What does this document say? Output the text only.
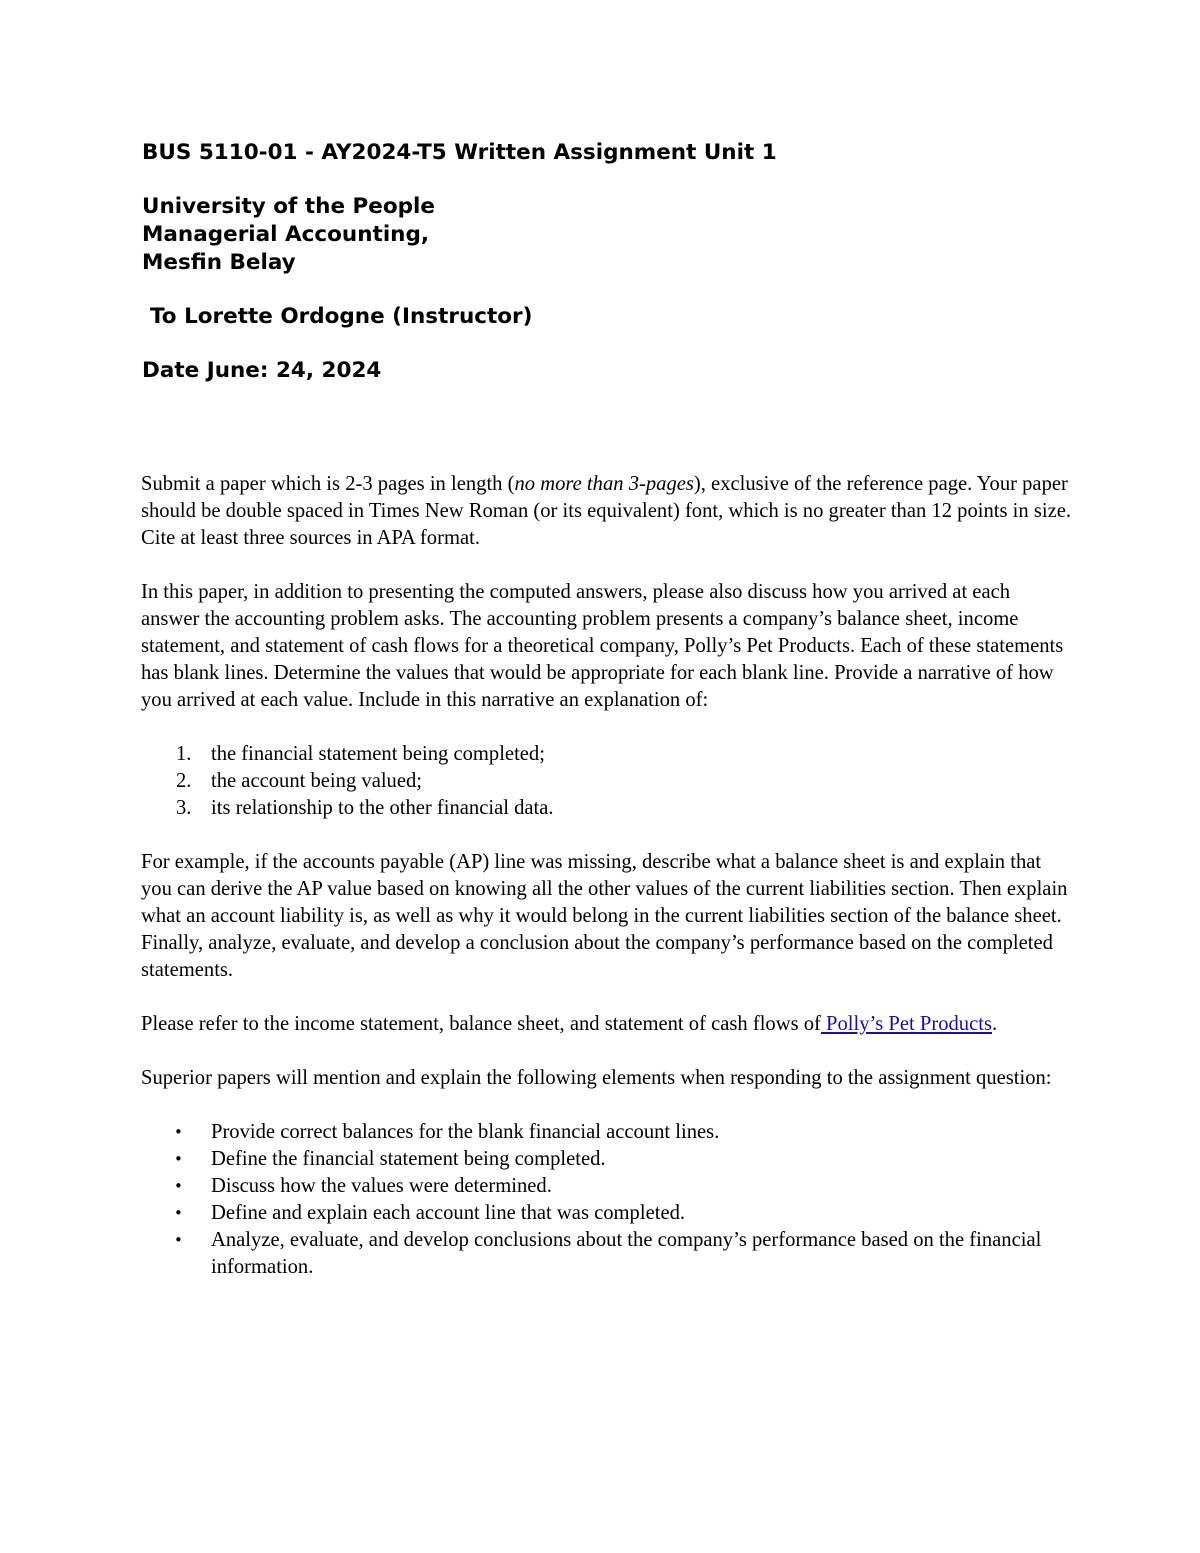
BUS 5110-01 - AY2024-T5 Written Assignment Unit 1
University of the People
Managerial Accounting,
Mesfin Belay
To Lorette Ordogne (Instructor)
Date June: 24, 2024

Submit a paper which is 2-3 pages in length (no more than 3-pages), exclusive of the reference page. Your paper should be double spaced in Times New Roman (or its equivalent) font, which is no greater than 12 points in size. Cite at least three sources in APA format.

In this paper, in addition to presenting the computed answers, please also discuss how you arrived at each answer the accounting problem asks. The accounting problem presents a company’s balance sheet, income statement, and statement of cash flows for a theoretical company, Polly’s Pet Products. Each of these statements has blank lines. Determine the values that would be appropriate for each blank line. Provide a narrative of how you arrived at each value. Include in this narrative an explanation of:

1. the financial statement being completed;
2. the account being valued;
3. its relationship to the other financial data.

For example, if the accounts payable (AP) line was missing, describe what a balance sheet is and explain that you can derive the AP value based on knowing all the other values of the current liabilities section. Then explain what an account liability is, as well as why it would belong in the current liabilities section of the balance sheet. Finally, analyze, evaluate, and develop a conclusion about the company’s performance based on the completed statements.

Please refer to the income statement, balance sheet, and statement of cash flows of Polly’s Pet Products.

Superior papers will mention and explain the following elements when responding to the assignment question:

• Provide correct balances for the blank financial account lines.
• Define the financial statement being completed.
• Discuss how the values were determined.
• Define and explain each account line that was completed.
• Analyze, evaluate, and develop conclusions about the company’s performance based on the financial information.
